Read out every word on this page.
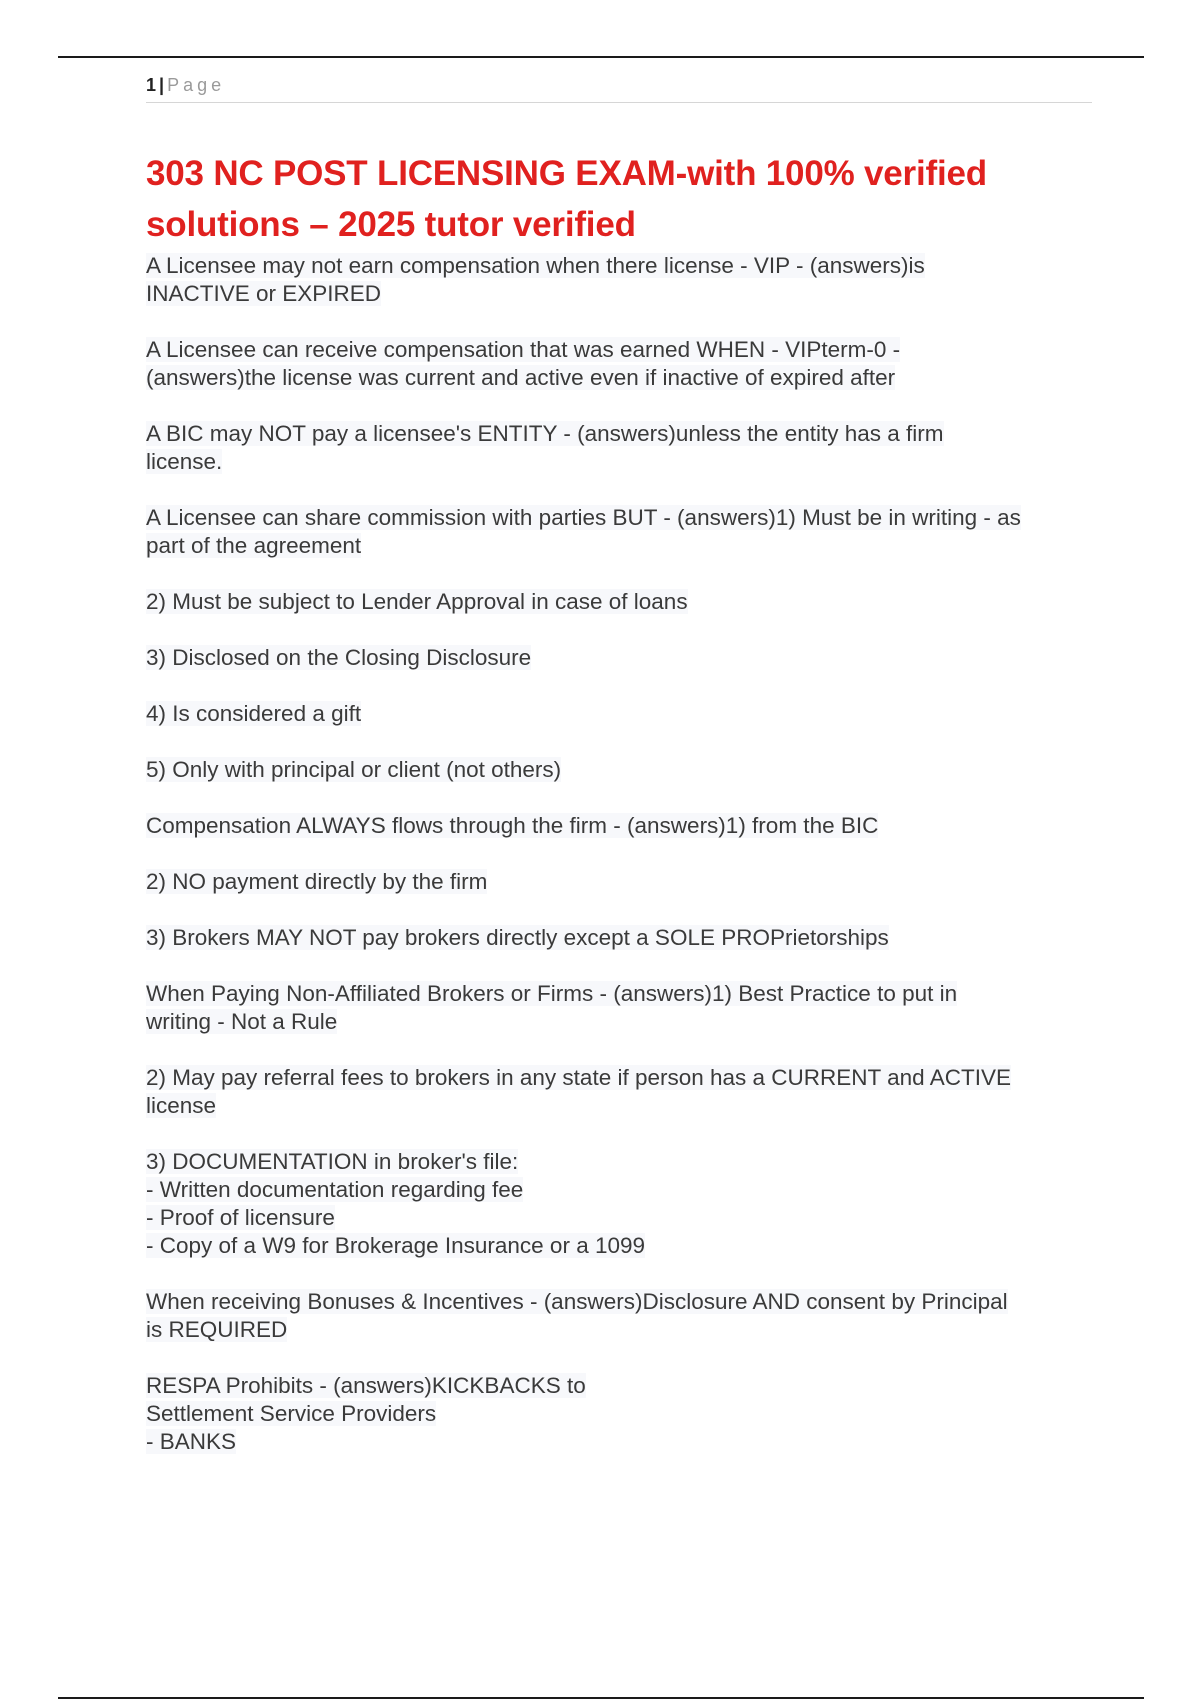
1 | Page
303 NC POST LICENSING EXAM-with 100% verified solutions – 2025 tutor verified

A Licensee may not earn compensation when there license - VIP - (answers)is
INACTIVE or EXPIRED

A Licensee can receive compensation that was earned WHEN - VIPterm-0 -
(answers)the license was current and active even if inactive of expired after

A BIC may NOT pay a licensee's ENTITY - (answers)unless the entity has a firm
license.

A Licensee can share commission with parties BUT - (answers)1) Must be in writing - as
part of the agreement

2) Must be subject to Lender Approval in case of loans

3) Disclosed on the Closing Disclosure

4) Is considered a gift

5) Only with principal or client (not others)

Compensation ALWAYS flows through the firm - (answers)1) from the BIC

2) NO payment directly by the firm

3) Brokers MAY NOT pay brokers directly except a SOLE PROPrietorships

When Paying Non-Affiliated Brokers or Firms - (answers)1) Best Practice to put in
writing - Not a Rule

2) May pay referral fees to brokers in any state if person has a CURRENT and ACTIVE
license

3) DOCUMENTATION in broker's file:
- Written documentation regarding fee
- Proof of licensure
- Copy of a W9 for Brokerage Insurance or a 1099

When receiving Bonuses & Incentives - (answers)Disclosure AND consent by Principal
is REQUIRED

RESPA Prohibits - (answers)KICKBACKS to
Settlement Service Providers
- BANKS
